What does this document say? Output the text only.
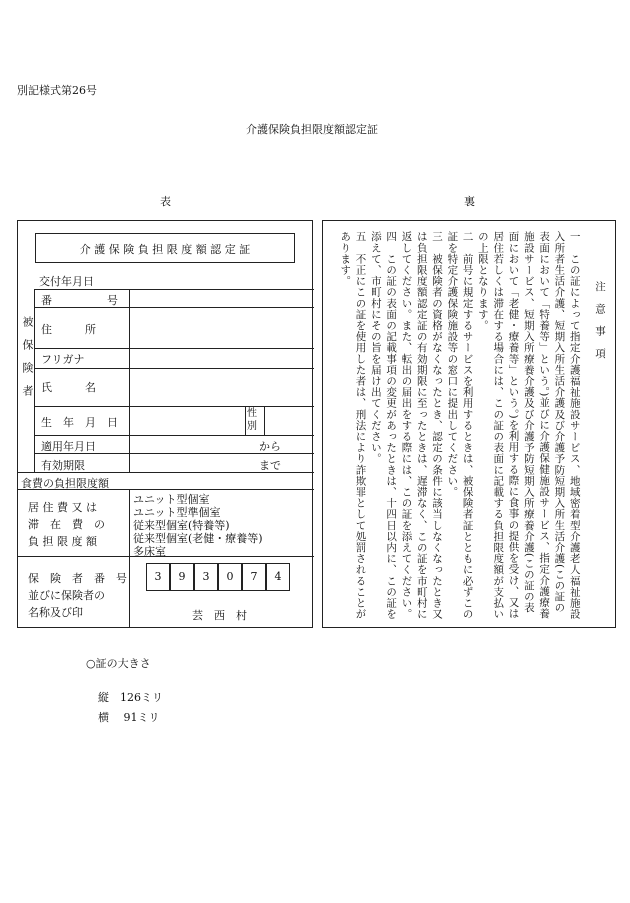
別記様式第26号
介護保険負担限度額認定証
表	裏
介 護 保 険 負 担 限 度 額 認 定 証
交付年月日
被保険者
番　　　　　号
住　　　所
フリガナ
氏　　　名
生　年　月　日
性別
適用年月日	から
有効期限	まで
食費の負担限度額
居 住 費 又 は
滞　在　費　の
負 担 限 度 額
ユニット型個室
ユニット型準個室
従来型個室(特養等)
従来型個室(老健・療養等)
多床室
保　険　者　番　号
並びに保険者の
名称及び印
3	9	3	0	7	4
芸　西　村

注　意　事　項

一　この証によって指定介護福祉施設サービス、地域密着型介護老人福祉施設入所者生活介護、短期入所生活介護及び介護予防短期入所生活介護(この証の表面において「特養等」という。)並びに介護保健施設サービス、指定介護療養施設サービス、短期入所療養介護及び介護予防短期入所療養介護(この証の表面において「老健・療養等」という。)を利用する際に食事の提供を受け、又は居住若しくは滞在する場合には、この証の表面に記載する負担限度額が支払いの上限となります。

二　前号に規定するサービスを利用するときは、被保険者証とともに必ずこの証を特定介護保険施設等の窓口に提出してください。

三　被保険者の資格がなくなったとき、認定の条件に該当しなくなったとき又は負担限度額認定証の有効期限に至ったときは、遅滞なく、この証を市町村に返してください。また、転出の届出をする際には、この証を添えてください。

四　この証の表面の記載事項の変更があったときは、十四日以内に、この証を添えて、市町村にその旨を届け出てください。

五　不正にこの証を使用した者は、刑法により詐欺罪として処罰されることがあります。

○証の大きさ
縦　126ミリ
横　 91ミリ
